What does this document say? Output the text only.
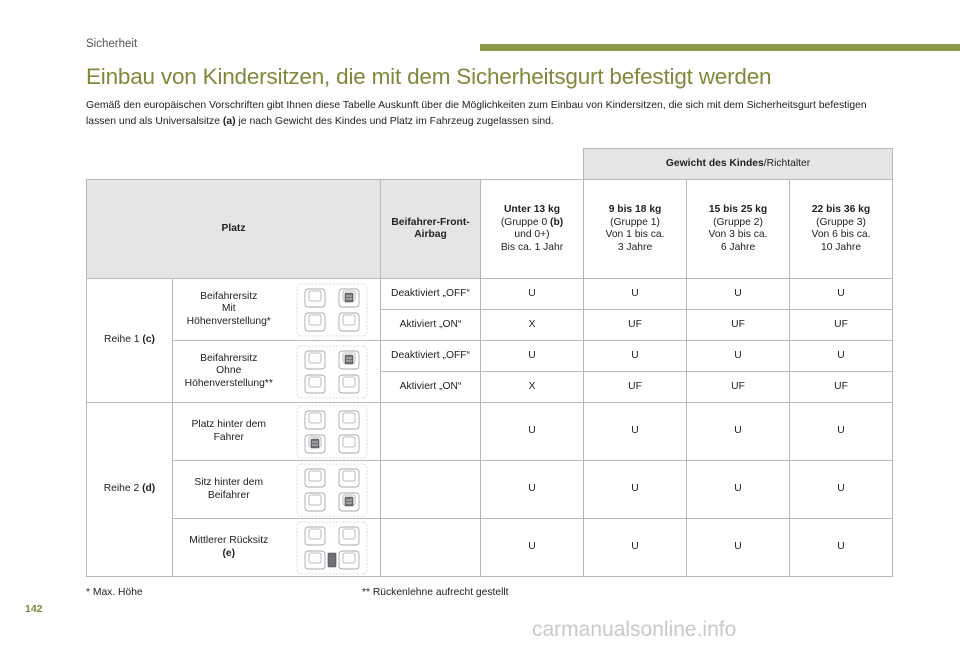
Sicherheit
Einbau von Kindersitzen, die mit dem Sicherheitsgurt befestigt werden

Gemäß den europäischen Vorschriften gibt Ihnen diese Tabelle Auskunft über die Möglichkeiten zum Einbau von Kindersitzen, die sich mit dem Sicherheitsgurt befestigen lassen und als Universalsitze (a) je nach Gewicht des Kindes und Platz im Fahrzeug zugelassen sind.

					Gewicht des Kindes/Richtalter		
Platz			Beifahrer-Front-
Airbag	Unter 13 kg
(Gruppe 0 (b)
und 0+)
Bis ca. 1 Jahr	9 bis 18 kg
(Gruppe 1)
Von 1 bis ca.
3 Jahre	15 bis 25 kg
(Gruppe 2)
Von 3 bis ca.
6 Jahre	22 bis 36 kg
(Gruppe 3)
Von 6 bis ca.
10 Jahre
Reihe 1 (c)	Beifahrersitz
Mit
Höhenverstellung*		Deaktiviert „OFF“	U	U	U	U
			Aktiviert „ON“	X	UF	UF	UF
	Beifahrersitz
Ohne
Höhenverstellung**		Deaktiviert „OFF“	U	U	U	U
			Aktiviert „ON“	X	UF	UF	UF
Reihe 2 (d)	Platz hinter dem
Fahrer			U	U	U	U
	Sitz hinter dem
Beifahrer			U	U	U	U
	Mittlerer Rücksitz
(e)			U	U	U	U
* Max. Höhe	** Rückenlehne aufrecht gestellt
142
carmanualsonline.info
